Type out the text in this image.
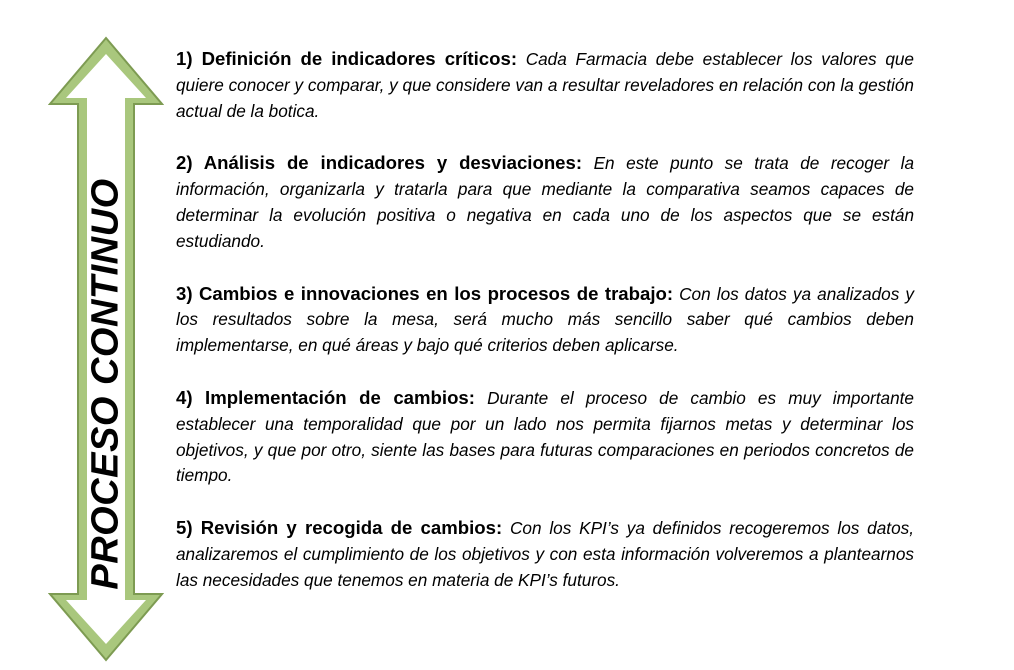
PROCESO CONTINUO

1) Definición de indicadores críticos: Cada Farmacia debe establecer los valores que quiere conocer y comparar, y que considere van a resultar reveladores en relación con la gestión actual de la botica.

2) Análisis de indicadores y desviaciones: En este punto se trata de recoger la información, organizarla y tratarla para que mediante la comparativa seamos capaces de determinar la evolución positiva o negativa en cada uno de los aspectos que se están estudiando.

3) Cambios e innovaciones en los procesos de trabajo: Con los datos ya analizados y los resultados sobre la mesa, será mucho más sencillo saber qué cambios deben implementarse, en qué áreas y bajo qué criterios deben aplicarse.

4) Implementación de cambios: Durante el proceso de cambio es muy importante establecer una temporalidad que por un lado nos permita fijarnos metas y determinar los objetivos, y que por otro, siente las bases para futuras comparaciones en periodos concretos de tiempo.

5) Revisión y recogida de cambios: Con los KPI’s ya definidos recogeremos los datos, analizaremos el cumplimiento de los objetivos y con esta información volveremos a plantearnos las necesidades que tenemos en materia de KPI’s futuros.
